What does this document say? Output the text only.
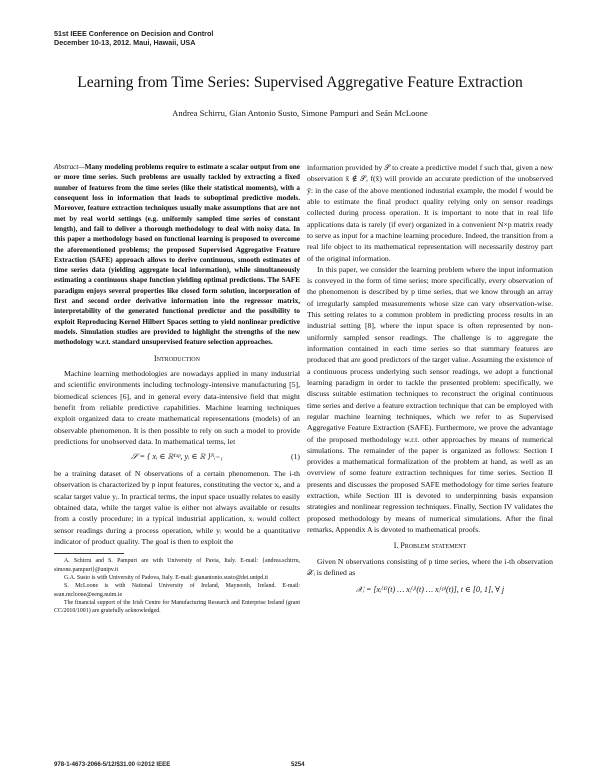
51st IEEE Conference on Decision and Control
December 10-13, 2012. Maui, Hawaii, USA
Learning from Time Series: Supervised Aggregative Feature Extraction
Andrea Schirru, Gian Antonio Susto, Simone Pampuri and Seán McLoone

Abstract—Many modeling problems require to estimate a scalar output from one or more time series. Such problems are usually tackled by extracting a fixed number of features from the time series (like their statistical moments), with a consequent loss in information that leads to suboptimal predictive models. Moreover, feature extraction techniques usually make assumptions that are not met by real world settings (e.g. uniformly sampled time series of constant length), and fail to deliver a thorough methodology to deal with noisy data. In this paper a methodology based on functional learning is proposed to overcome the aforementioned problems; the proposed Supervised Aggregative Feature Extraction (SAFE) approach allows to derive continuous, smooth estimates of time series data (yielding aggregate local information), while simultaneously estimating a continuous shape function yielding optimal predictions. The SAFE paradigm enjoys several properties like closed form solution, incorporation of first and second order derivative information into the regressor matrix, interpretability of the generated functional predictor and the possibility to exploit Reproducing Kernel Hilbert Spaces setting to yield nonlinear predictive models. Simulation studies are provided to highlight the strengths of the new methodology w.r.t. standard unsupervised feature selection approaches.

Introduction

Machine learning methodologies are nowadays applied in many industrial and scientific environments including technology-intensive manufacturing [5], biomedical sciences [6], and in general every data-intensive field that might benefit from reliable predictive capabilities. Machine learning techniques exploit organized data to create mathematical representations (models) of an observable phenomenon. It is then possible to rely on such a model to provide predictions for unobserved data. In mathematical terms, let

𝒮 = { xᵢ ∈ ℝ¹ˣᵖ, yᵢ ∈ ℝ }ᴺᵢ₌₁	(1)

be a training dataset of N observations of a certain phenomenon. The i-th observation is characterized by p input features, constituting the vector xᵢ, and a scalar target value yᵢ. In practical terms, the input space usually relates to easily obtained data, while the target value is either not always available or results from a costly procedure; in a typical industrial application, xᵢ would collect sensor readings during a process operation, while yᵢ would be a quantitative indicator of product quality. The goal is then to exploit the

A. Schirru and S. Pampuri are with University of Pavia, Italy. E-mail: {andrea.schirru, simone.pampuri}@unipv.it

G.A. Susto is with University of Padova, Italy. E-mail: gianantonio.susto@dei.unipd.it

S. McLoone is with National University of Ireland, Maynooth, Ireland. E-mail: sean.mcloone@eeng.nuim.ie

The financial support of the Irish Centre for Manufacturing Research and Enterprise Ireland (grant CC/2010/1001) are gratefully acknowledged.

information provided by 𝒮 to create a predictive model f such that, given a new observation x̃ ∉ 𝒮, f(x̃) will provide an accurate prediction of the unobserved ỹ: in the case of the above mentioned industrial example, the model f would be able to estimate the final product quality relying only on sensor readings collected during process operation. It is important to note that in real life applications data is rarely (if ever) organized in a convenient N×p matrix ready to serve as input for a machine learning procedure. Indeed, the transition from a real life object to its mathematical representation will necessarily destroy part of the original information.

In this paper, we consider the learning problem where the input information is conveyed in the form of time series; more specifically, every observation of the phenomenon is described by p time series, that we know through an array of irregularly sampled measurements whose size can vary observation-wise. This setting relates to a common problem in predicting process results in an industrial setting [8], where the input space is often represented by non-uniformly sampled sensor readings. The challenge is to aggregate the information contained in each time series so that summary features are produced that are good predictors of the target value. Assuming the existence of a continuous process underlying such sensor readings, we adopt a functional learning paradigm in order to tackle the presented problem: specifically, we discuss suitable estimation techniques to reconstruct the original continuous time series and derive a feature extraction technique that can be employed with regular machine learning techniques, which we refer to as Supervised Aggregative Feature Extraction (SAFE). Furthermore, we prove the advantage of the proposed methodology w.r.t. other approaches by means of numerical simulations. The remainder of the paper is organized as follows: Section I provides a mathematical formalization of the problem at hand, as well as an overview of some feature extraction techniques for time series. Section II presents and discusses the proposed SAFE methodology for time series feature extraction, while Section III is devoted to underpinning basis expansion strategies and nonlinear regression techniques. Finally, Section IV validates the proposed methodology by means of numerical simulations. After the final remarks, Appendix A is devoted to mathematical proofs.

I. Problem statement

Given N observations consisting of p time series, where the i-th observation 𝒳ᵢ is defined as

𝒳ᵢ = [xᵢ⁽¹⁾(t) … xᵢ⁽ʲ⁾(t) … xᵢ⁽ᵖ⁾(t)], t ∈ [0, 1], ∀ j
978-1-4673-2066-5/12/$31.00 ©2012 IEEE	5254
